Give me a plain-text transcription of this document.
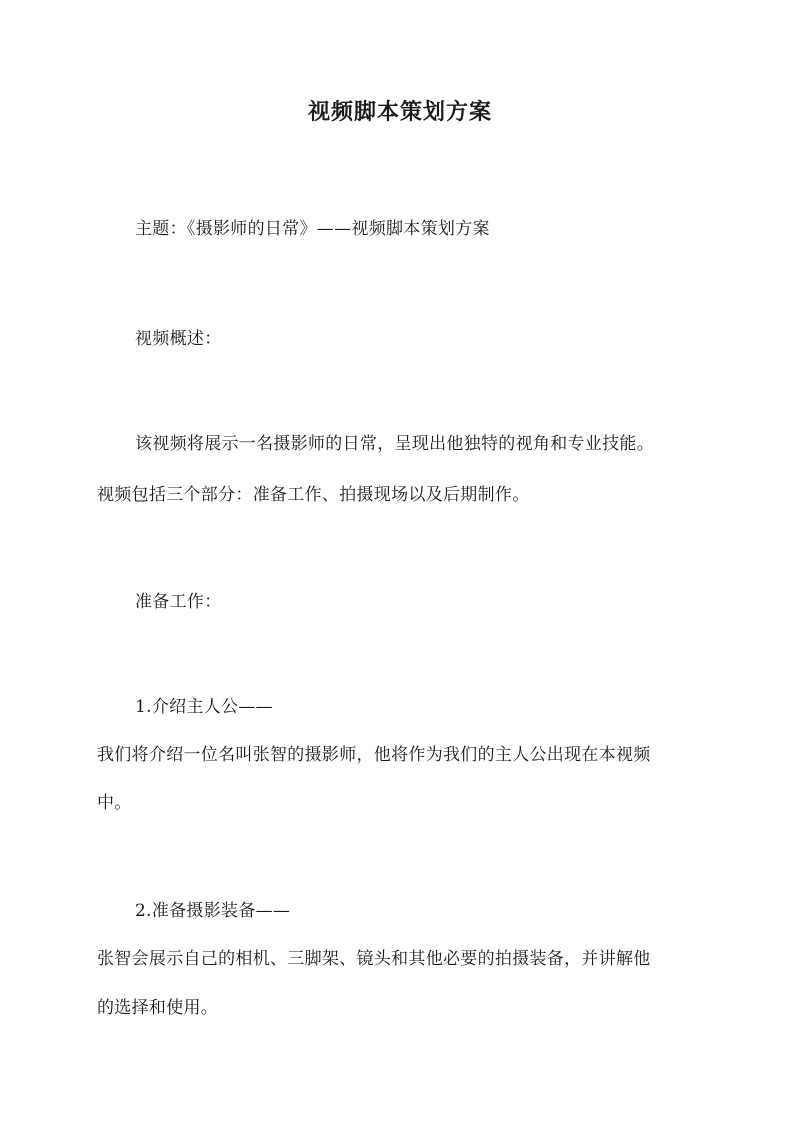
视频脚本策划方案
主题：《摄影师的日常》——视频脚本策划方案
视频概述：
该视频将展示一名摄影师的日常，呈现出他独特的视角和专业技能。
视频包括三个部分：准备工作、拍摄现场以及后期制作。
准备工作：
1.介绍主人公——
我们将介绍一位名叫张智的摄影师，他将作为我们的主人公出现在本视频
中。
2.准备摄影装备——
张智会展示自己的相机、三脚架、镜头和其他必要的拍摄装备，并讲解他
的选择和使用。
